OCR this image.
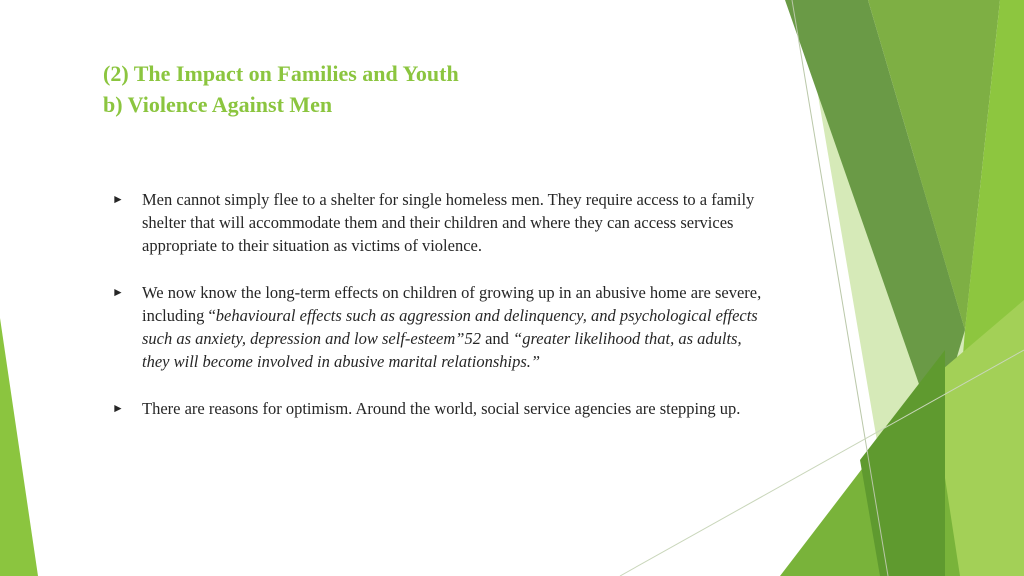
(2) The Impact on Families and Youth
b) Violence Against Men
► Men cannot simply flee to a shelter for single homeless men. They require access to a family shelter that will accommodate them and their children and where they can access services appropriate to their situation as victims of violence.
► We now know the long-term effects on children of growing up in an abusive home are severe, including “behavioural effects such as aggression and delinquency, and psychological effects such as anxiety, depression and low self-esteem”52 and “greater likelihood that, as adults, they will become involved in abusive marital relationships.”
► There are reasons for optimism. Around the world, social service agencies are stepping up.
